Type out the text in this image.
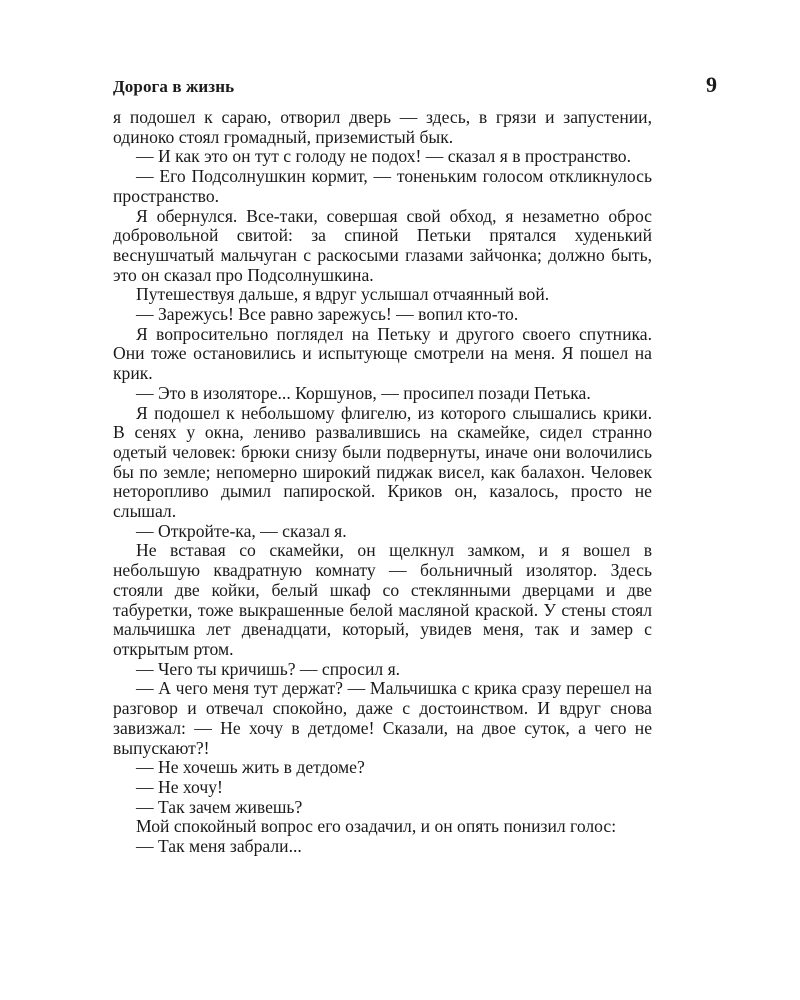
Дорога в жизнь	9

я подошел к сараю, отворил дверь — здесь, в грязи и запустении, одиноко стоял громадный, приземистый бык.

— И как это он тут с голоду не подох! — сказал я в пространство.

— Его Подсолнушкин кормит, — тоненьким голосом откликнулось пространство.

Я обернулся. Все-таки, совершая свой обход, я незаметно оброс добровольной свитой: за спиной Петьки прятался худенький веснушчатый мальчуган с раскосыми глазами зайчонка; должно быть, это он сказал про Подсолнушкина.

Путешествуя дальше, я вдруг услышал отчаянный вой.

— Зарежусь! Все равно зарежусь! — вопил кто-то.

Я вопросительно поглядел на Петьку и другого своего спутника. Они тоже остановились и испытующе смотрели на меня. Я пошел на крик.

— Это в изоляторе... Коршунов, — просипел позади Петька.

Я подошел к небольшому флигелю, из которого слышались крики. В сенях у окна, лениво развалившись на скамейке, сидел странно одетый человек: брюки снизу были подвернуты, иначе они волочились бы по земле; непомерно широкий пиджак висел, как балахон. Человек неторопливо дымил папироской. Криков он, казалось, просто не слышал.

— Откройте-ка, — сказал я.

Не вставая со скамейки, он щелкнул замком, и я вошел в небольшую квадратную комнату — больничный изолятор. Здесь стояли две койки, белый шкаф со стеклянными дверцами и две табуретки, тоже выкрашенные белой масляной краской. У стены стоял мальчишка лет двенадцати, который, увидев меня, так и замер с открытым ртом.

— Чего ты кричишь? — спросил я.

— А чего меня тут держат? — Мальчишка с крика сразу перешел на разговор и отвечал спокойно, даже с достоинством. И вдруг снова завизжал: — Не хочу в детдоме! Сказали, на двое суток, а чего не выпускают?!

— Не хочешь жить в детдоме?

— Не хочу!

— Так зачем живешь?

Мой спокойный вопрос его озадачил, и он опять понизил голос:

— Так меня забрали...
